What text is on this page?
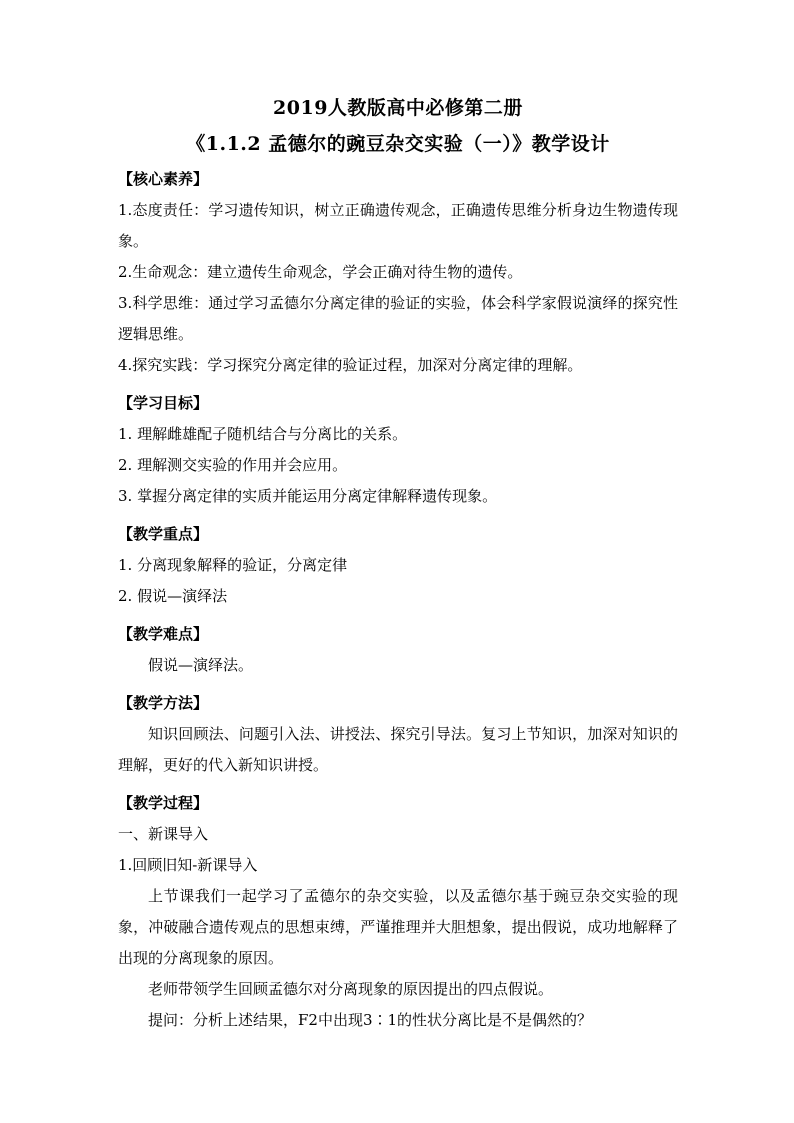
2019人教版高中必修第二册

《1.1.2 孟德尔的豌豆杂交实验（一）》教学设计

【核心素养】

1.态度责任：学习遗传知识，树立正确遗传观念，正确遗传思维分析身边生物遗传现象。

2.生命观念：建立遗传生命观念，学会正确对待生物的遗传。

3.科学思维：通过学习孟德尔分离定律的验证的实验，体会科学家假说演绎的探究性逻辑思维。

4.探究实践：学习探究分离定律的验证过程，加深对分离定律的理解。

【学习目标】

1. 理解雌雄配子随机结合与分离比的关系。

2. 理解测交实验的作用并会应用。

3. 掌握分离定律的实质并能运用分离定律解释遗传现象。

【教学重点】

1. 分离现象解释的验证，分离定律

2. 假说—演绎法

【教学难点】

假说—演绎法。

【教学方法】

知识回顾法、问题引入法、讲授法、探究引导法。复习上节知识，加深对知识的理解，更好的代入新知识讲授。

【教学过程】

一、新课导入

1.回顾旧知-新课导入

上节课我们一起学习了孟德尔的杂交实验，以及孟德尔基于豌豆杂交实验的现象，冲破融合遗传观点的思想束缚，严谨推理并大胆想象，提出假说，成功地解释了出现的分离现象的原因。

老师带领学生回顾孟德尔对分离现象的原因提出的四点假说。

提问：分析上述结果，F2中出现3∶1的性状分离比是不是偶然的？
